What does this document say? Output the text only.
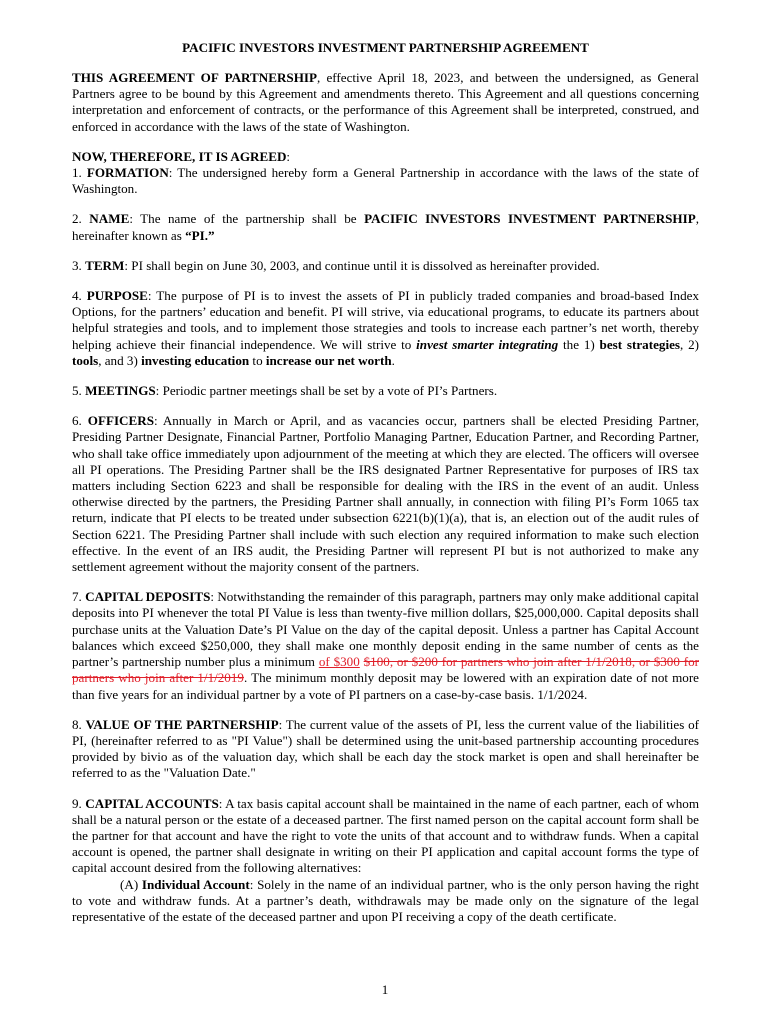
PACIFIC INVESTORS INVESTMENT PARTNERSHIP AGREEMENT

THIS AGREEMENT OF PARTNERSHIP, effective April 18, 2023, and between the undersigned, as General Partners agree to be bound by this Agreement and amendments thereto. This Agreement and all questions concerning interpretation and enforcement of contracts, or the performance of this Agreement shall be interpreted, construed, and enforced in accordance with the laws of the state of Washington.

NOW, THEREFORE, IT IS AGREED:

1. FORMATION: The undersigned hereby form a General Partnership in accordance with the laws of the state of Washington.

2. NAME: The name of the partnership shall be PACIFIC INVESTORS INVESTMENT PARTNERSHIP, hereinafter known as “PI.”

3. TERM: PI shall begin on June 30, 2003, and continue until it is dissolved as hereinafter provided.

4. PURPOSE: The purpose of PI is to invest the assets of PI in publicly traded companies and broad-based Index Options, for the partners’ education and benefit. PI will strive, via educational programs, to educate its partners about helpful strategies and tools, and to implement those strategies and tools to increase each partner’s net worth, thereby helping achieve their financial independence. We will strive to invest smarter integrating the 1) best strategies, 2) tools, and 3) investing education to increase our net worth.

5. MEETINGS: Periodic partner meetings shall be set by a vote of PI’s Partners.

6. OFFICERS: Annually in March or April, and as vacancies occur, partners shall be elected Presiding Partner, Presiding Partner Designate, Financial Partner, Portfolio Managing Partner, Education Partner, and Recording Partner, who shall take office immediately upon adjournment of the meeting at which they are elected. The officers will oversee all PI operations. The Presiding Partner shall be the IRS designated Partner Representative for purposes of IRS tax matters including Section 6223 and shall be responsible for dealing with the IRS in the event of an audit. Unless otherwise directed by the partners, the Presiding Partner shall annually, in connection with filing PI’s Form 1065 tax return, indicate that PI elects to be treated under subsection 6221(b)(1)(a), that is, an election out of the audit rules of Section 6221. The Presiding Partner shall include with such election any required information to make such election effective. In the event of an IRS audit, the Presiding Partner will represent PI but is not authorized to make any settlement agreement without the majority consent of the partners.

7. CAPITAL DEPOSITS: Notwithstanding the remainder of this paragraph, partners may only make additional capital deposits into PI whenever the total PI Value is less than twenty-five million dollars, $25,000,000. Capital deposits shall purchase units at the Valuation Date’s PI Value on the day of the capital deposit. Unless a partner has Capital Account balances which exceed $250,000, they shall make one monthly deposit ending in the same number of cents as the partner’s partnership number plus a minimum of $300 $100, or $200 for partners who join after 1/1/2018, or $300 for partners who join after 1/1/2019. The minimum monthly deposit may be lowered with an expiration date of not more than five years for an individual partner by a vote of PI partners on a case-by-case basis. 1/1/2024.

8. VALUE OF THE PARTNERSHIP: The current value of the assets of PI, less the current value of the liabilities of PI, (hereinafter referred to as "PI Value") shall be determined using the unit-based partnership accounting procedures provided by bivio as of the valuation day, which shall be each day the stock market is open and shall hereinafter be referred to as the "Valuation Date."

9. CAPITAL ACCOUNTS: A tax basis capital account shall be maintained in the name of each partner, each of whom shall be a natural person or the estate of a deceased partner. The first named person on the capital account form shall be the partner for that account and have the right to vote the units of that account and to withdraw funds. When a capital account is opened, the partner shall designate in writing on their PI application and capital account forms the type of capital account desired from the following alternatives:

(A) Individual Account: Solely in the name of an individual partner, who is the only person having the right to vote and withdraw funds. At a partner’s death, withdrawals may be made only on the signature of the legal representative of the estate of the deceased partner and upon PI receiving a copy of the death certificate.

1
